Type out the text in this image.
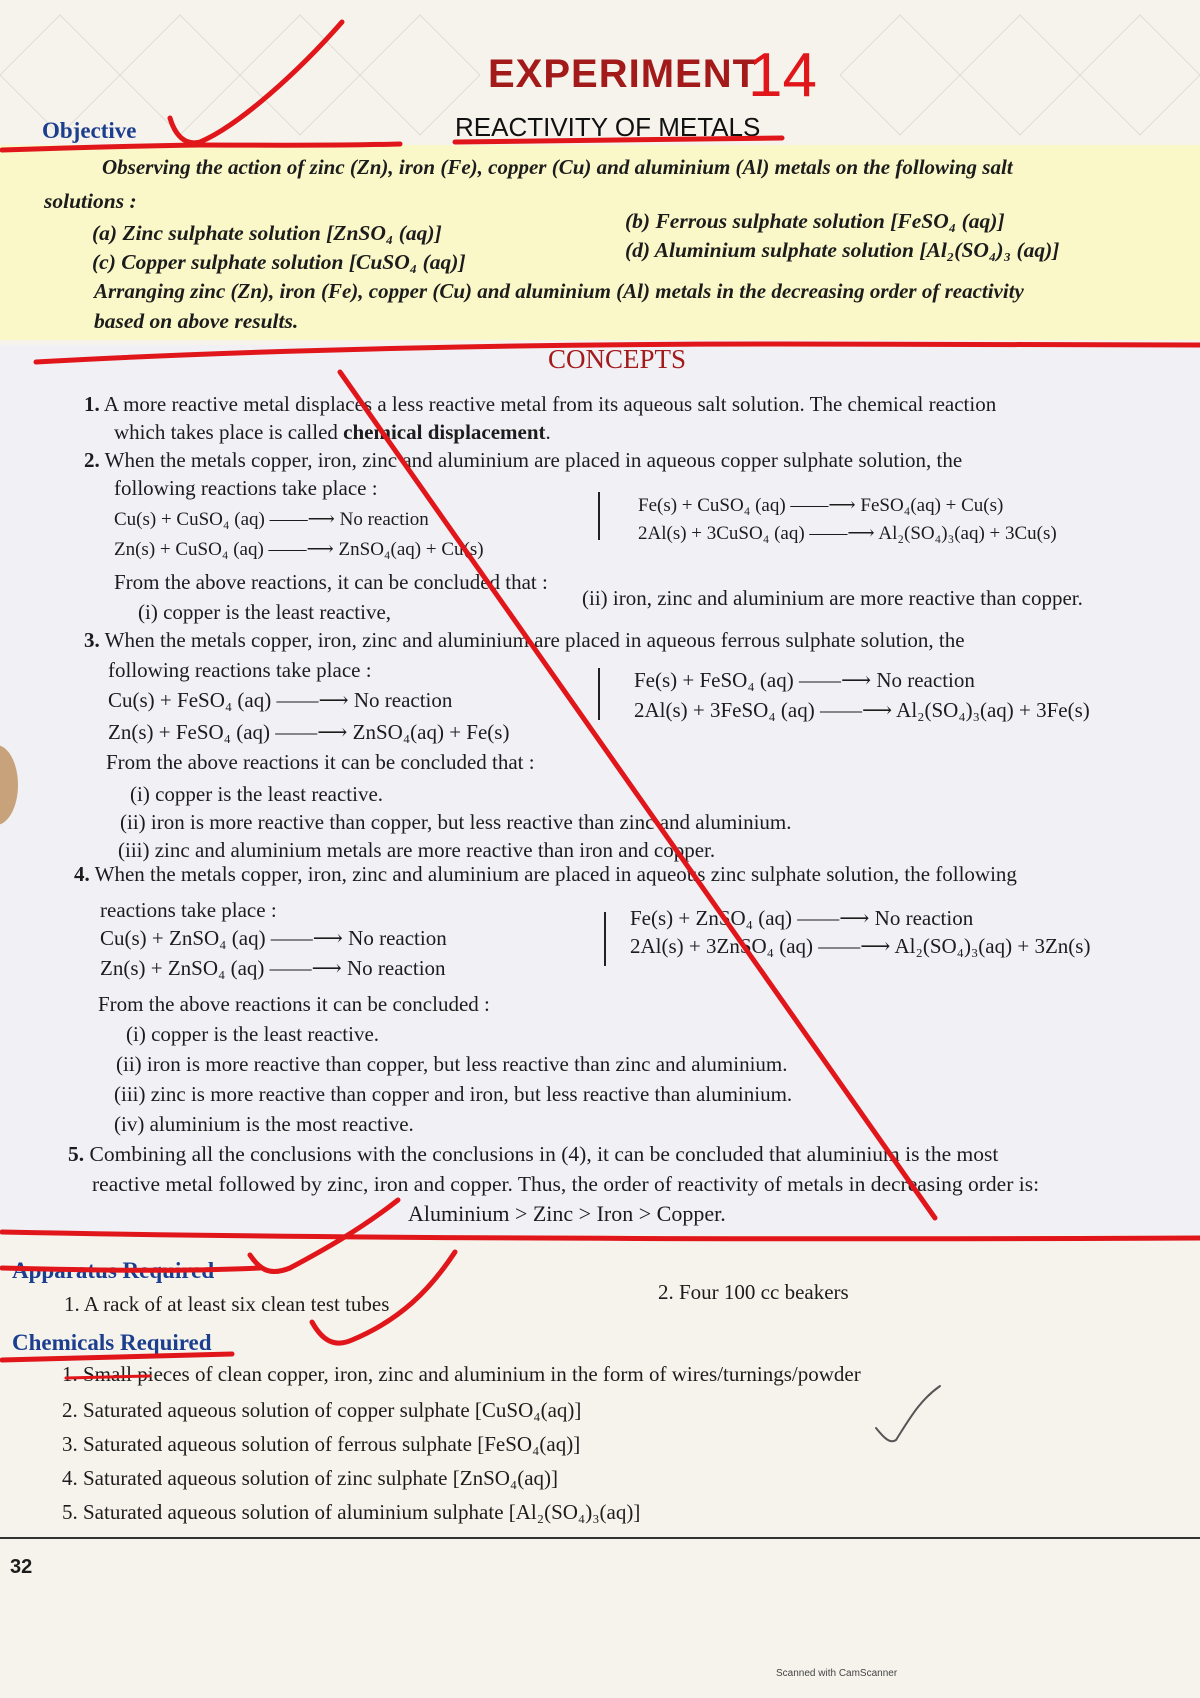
EXPERIMENT
14
REACTIVITY OF METALS
Objective
Observing the action of zinc (Zn), iron (Fe), copper (Cu) and aluminium (Al) metals on the following salt
solutions :
(a) Zinc sulphate solution [ZnSO₄ (aq)]	(b) Ferrous sulphate solution [FeSO₄ (aq)]
(c) Copper sulphate solution [CuSO₄ (aq)]	(d) Aluminium sulphate solution [Al₂(SO₄)₃ (aq)]
Arranging zinc (Zn), iron (Fe), copper (Cu) and aluminium (Al) metals in the decreasing order of reactivity
based on above results.
CONCEPTS
1. A more reactive metal displaces a less reactive metal from its aqueous salt solution. The chemical reaction
which takes place is called chemical displacement.
2. When the metals copper, iron, zinc and aluminium are placed in aqueous copper sulphate solution, the
following reactions take place :
Cu(s) + CuSO₄ (aq) ——⟶ No reaction
Zn(s) + CuSO₄ (aq) ——⟶ ZnSO₄(aq) + Cu(s)
Fe(s) + CuSO₄ (aq) ——⟶ FeSO₄(aq) + Cu(s)
2Al(s) + 3CuSO₄ (aq) ——⟶ Al₂(SO₄)₃(aq) + 3Cu(s)
From the above reactions, it can be concluded that :
(i) copper is the least reactive,
(ii) iron, zinc and aluminium are more reactive than copper.
3. When the metals copper, iron, zinc and aluminium are placed in aqueous ferrous sulphate solution, the
following reactions take place :
Cu(s) + FeSO₄ (aq) ——⟶ No reaction
Zn(s) + FeSO₄ (aq) ——⟶ ZnSO₄(aq) + Fe(s)
Fe(s) + FeSO₄ (aq) ——⟶ No reaction
2Al(s) + 3FeSO₄ (aq) ——⟶ Al₂(SO₄)₃(aq) + 3Fe(s)
From the above reactions it can be concluded that :
(i) copper is the least reactive.
(ii) iron is more reactive than copper, but less reactive than zinc and aluminium.
(iii) zinc and aluminium metals are more reactive than iron and copper.
4. When the metals copper, iron, zinc and aluminium are placed in aqueous zinc sulphate solution, the following
reactions take place :
Cu(s) + ZnSO₄ (aq) ——⟶ No reaction
Zn(s) + ZnSO₄ (aq) ——⟶ No reaction
Fe(s) + ZnSO₄ (aq) ——⟶ No reaction
2Al(s) + 3ZnSO₄ (aq) ——⟶ Al₂(SO₄)₃(aq) + 3Zn(s)
From the above reactions it can be concluded :
(i) copper is the least reactive.
(ii) iron is more reactive than copper, but less reactive than zinc and aluminium.
(iii) zinc is more reactive than copper and iron, but less reactive than aluminium.
(iv) aluminium is the most reactive.
5. Combining all the conclusions with the conclusions in (4), it can be concluded that aluminium is the most
reactive metal followed by zinc, iron and copper. Thus, the order of reactivity of metals in decreasing order is:
Aluminium > Zinc > Iron > Copper.
Apparatus Required
1. A rack of at least six clean test tubes	2. Four 100 cc beakers
Chemicals Required
1. Small pieces of clean copper, iron, zinc and aluminium in the form of wires/turnings/powder
2. Saturated aqueous solution of copper sulphate [CuSO₄(aq)]
3. Saturated aqueous solution of ferrous sulphate [FeSO₄(aq)]
4. Saturated aqueous solution of zinc sulphate [ZnSO₄(aq)]
5. Saturated aqueous solution of aluminium sulphate [Al₂(SO₄)₃(aq)]
32
Scanned with CamScanner
